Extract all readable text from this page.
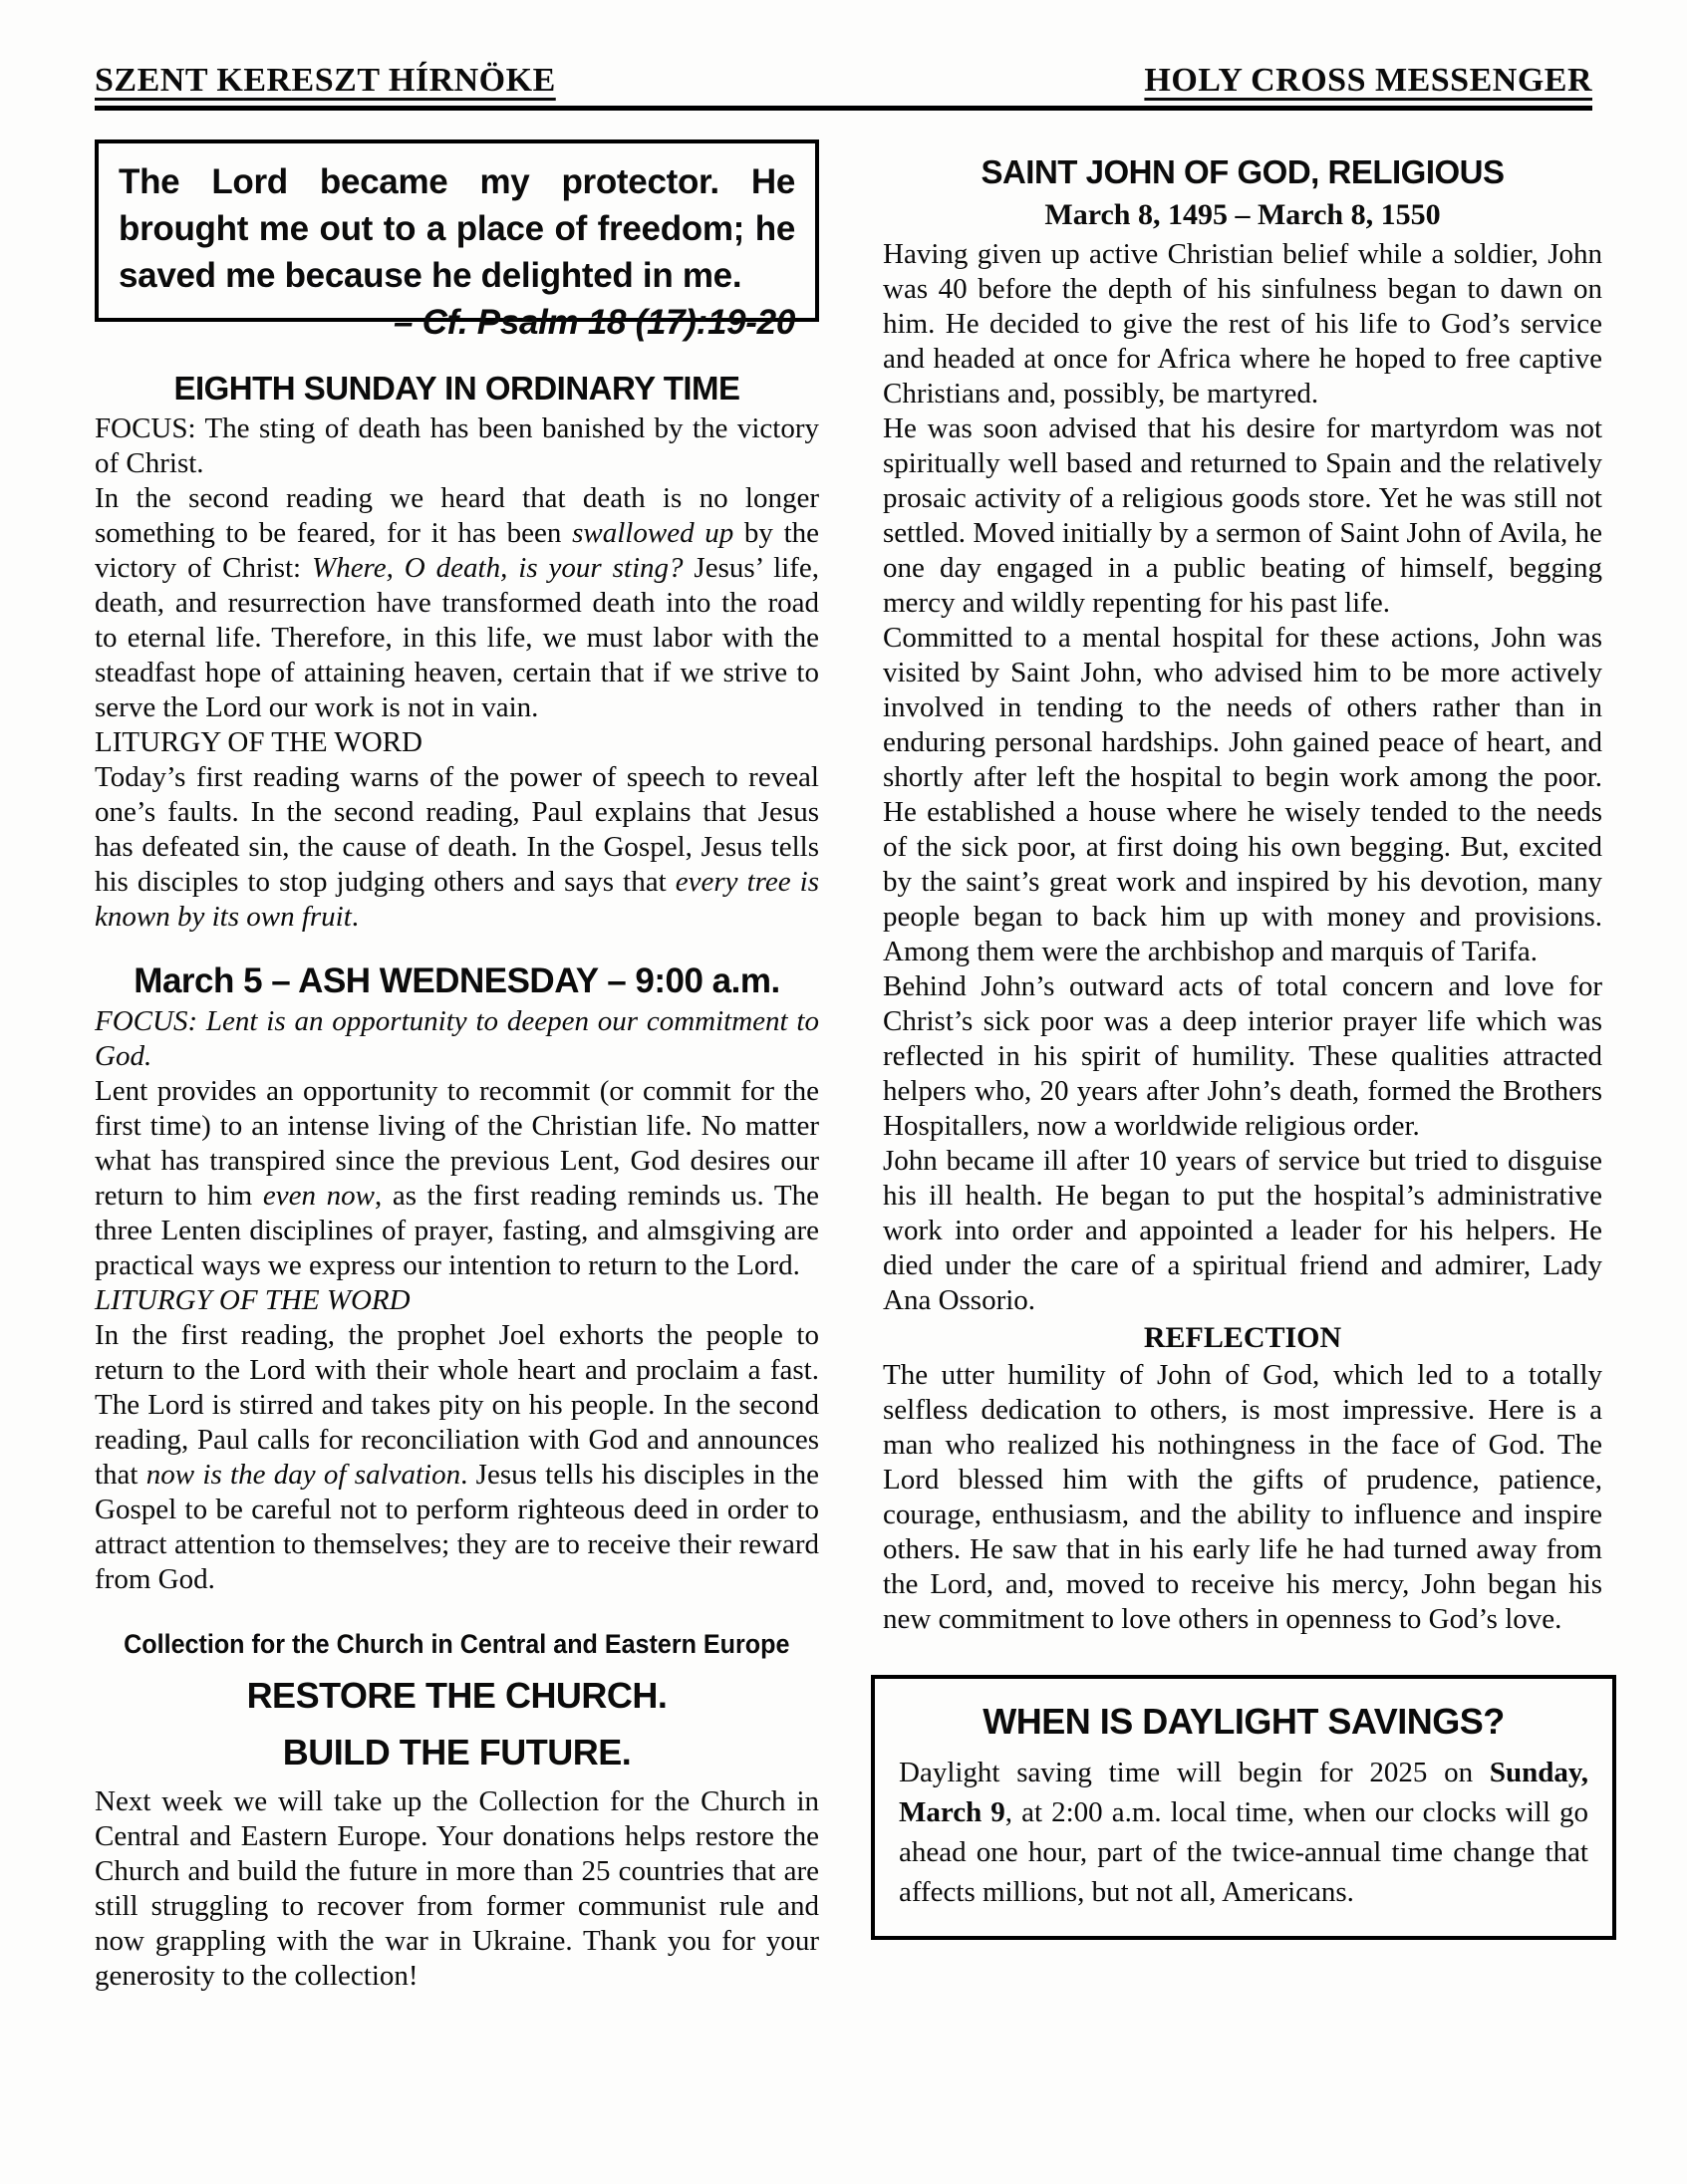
SZENT KERESZT HÍRNÖKE	HOLY CROSS MESSENGER

The Lord became my protector. He brought me out to a place of freedom; he saved me because he delighted in me.
– Cf. Psalm 18 (17):19-20

EIGHTH SUNDAY IN ORDINARY TIME

FOCUS: The sting of death has been banished by the victory of Christ.

In the second reading we heard that death is no longer something to be feared, for it has been swallowed up by the victory of Christ: Where, O death, is your sting? Jesus’ life, death, and resurrection have transformed death into the road to eternal life. Therefore, in this life, we must labor with the steadfast hope of attaining heaven, certain that if we strive to serve the Lord our work is not in vain.

LITURGY OF THE WORD

Today’s first reading warns of the power of speech to reveal one’s faults. In the second reading, Paul explains that Jesus has defeated sin, the cause of death. In the Gospel, Jesus tells his disciples to stop judging others and says that every tree is known by its own fruit.

March 5 – ASH WEDNESDAY – 9:00 a.m.

FOCUS: Lent is an opportunity to deepen our commitment to God.

Lent provides an opportunity to recommit (or commit for the first time) to an intense living of the Christian life. No matter what has transpired since the previous Lent, God desires our return to him even now, as the first reading reminds us. The three Lenten disciplines of prayer, fasting, and almsgiving are practical ways we express our intention to return to the Lord.

LITURGY OF THE WORD

In the first reading, the prophet Joel exhorts the people to return to the Lord with their whole heart and proclaim a fast. The Lord is stirred and takes pity on his people. In the second reading, Paul calls for reconciliation with God and announces that now is the day of salvation. Jesus tells his disciples in the Gospel to be careful not to perform righteous deed in order to attract attention to themselves; they are to receive their reward from God.

Collection for the Church in Central and Eastern Europe
RESTORE THE CHURCH.
BUILD THE FUTURE.

Next week we will take up the Collection for the Church in Central and Eastern Europe. Your donations helps restore the Church and build the future in more than 25 countries that are still struggling to recover from former communist rule and now grappling with the war in Ukraine. Thank you for your generosity to the collection!

SAINT JOHN OF GOD, RELIGIOUS
March 8, 1495 – March 8, 1550

Having given up active Christian belief while a soldier, John was 40 before the depth of his sinfulness began to dawn on him. He decided to give the rest of his life to God’s service and headed at once for Africa where he hoped to free captive Christians and, possibly, be martyred.

He was soon advised that his desire for martyrdom was not spiritually well based and returned to Spain and the relatively prosaic activity of a religious goods store. Yet he was still not settled. Moved initially by a sermon of Saint John of Avila, he one day engaged in a public beating of himself, begging mercy and wildly repenting for his past life.

Committed to a mental hospital for these actions, John was visited by Saint John, who advised him to be more actively involved in tending to the needs of others rather than in enduring personal hardships. John gained peace of heart, and shortly after left the hospital to begin work among the poor. He established a house where he wisely tended to the needs of the sick poor, at first doing his own begging. But, excited by the saint’s great work and inspired by his devotion, many people began to back him up with money and provisions. Among them were the archbishop and marquis of Tarifa.

Behind John’s outward acts of total concern and love for Christ’s sick poor was a deep interior prayer life which was reflected in his spirit of humility. These qualities attracted helpers who, 20 years after John’s death, formed the Brothers Hospitallers, now a worldwide religious order.

John became ill after 10 years of service but tried to disguise his ill health. He began to put the hospital’s administrative work into order and appointed a leader for his helpers. He died under the care of a spiritual friend and admirer, Lady Ana Ossorio.

REFLECTION

The utter humility of John of God, which led to a totally selfless dedication to others, is most impressive. Here is a man who realized his nothingness in the face of God. The Lord blessed him with the gifts of prudence, patience, courage, enthusiasm, and the ability to influence and inspire others. He saw that in his early life he had turned away from the Lord, and, moved to receive his mercy, John began his new commitment to love others in openness to God’s love.

WHEN IS DAYLIGHT SAVINGS?

Daylight saving time will begin for 2025 on Sunday, March 9, at 2:00 a.m. local time, when our clocks will go ahead one hour, part of the twice-annual time change that affects millions, but not all, Americans.
